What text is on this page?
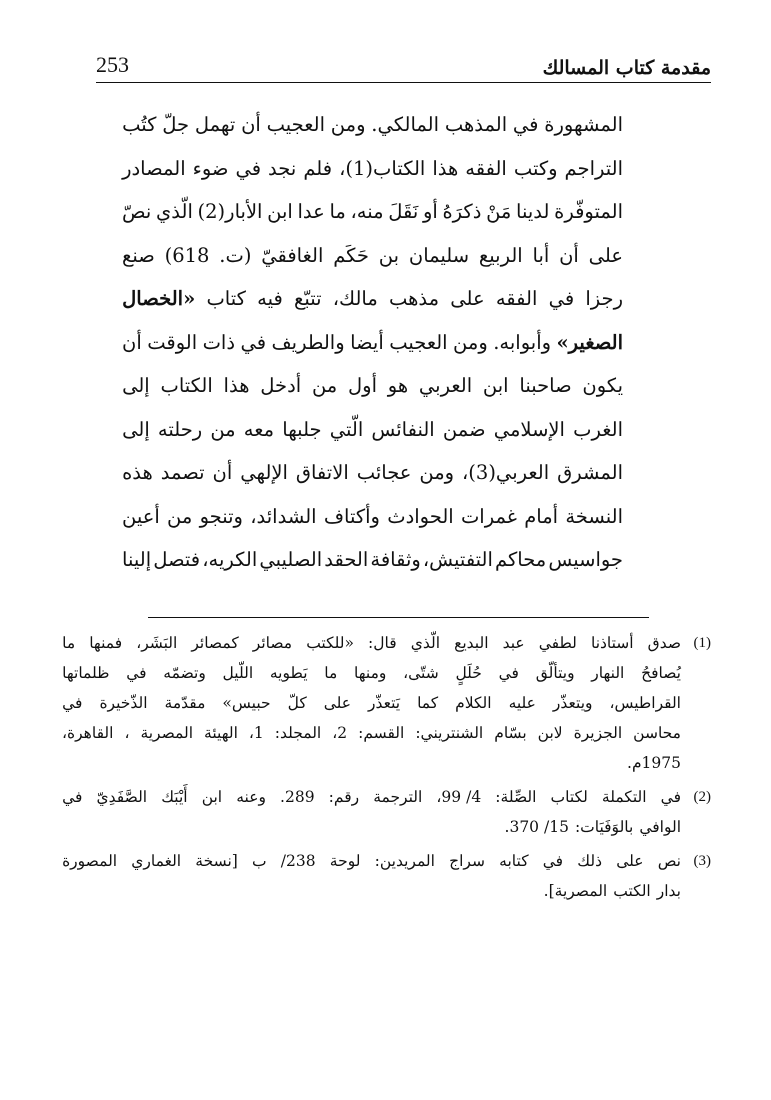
مقدمة كتاب المسالك
253
المشهورة
في
المذهب
المالكي.
ومن
العجيب
أن
تهمل
جلّ
كتُب
التراجم
وكتب
الفقه
هذا
الكتاب(1)،
فلم
نجد
في
ضوء
المصادر
المتوفّرة
لدينا
مَنْ
ذكرَهُ
أو
نَقَلَ
منه،
ما
عدا
ابن
الأبار(2)
الّذي
نصّ
على
أن
أبا
الربيع
سليمان
بن
حَكَم
الغافقيّ
(ت.
618)
صنع
رجزا
في
الفقه
على
مذهب
مالك،
تتبّع
فيه
كتاب
«الخصال
الصغير»
وأبوابه.
ومن
العجيب
أيضا
والطريف
في
ذات
الوقت
أن
يكون
صاحبنا
ابن
العربي
هو
أول
من
أدخل
هذا
الكتاب
إلى
الغرب
الإسلامي
ضمن
النفائس
الّتي
جلبها
معه
من
رحلته
إلى
المشرق
العربي(3)،
ومن
عجائب
الاتفاق
الإلهي
أن
تصمد
هذه
النسخة
أمام
غمرات
الحوادث
وأكتاف
الشدائد،
وتنجو
من
أعين
جواسيس
محاكم
التفتيش،
وثقافة
الحقد
الصليبي
الكريه،
فتصل
إلينا
(1)
صدق
أستاذنا
لطفي
عبد
البديع
الّذي
قال:
«للكتب
مصائر
كمصائر
البَشَر،
فمنها
ما
يُصافحُ
النهار
ويتألّق
في
حُلَلٍ
شتّى،
ومنها
ما
يَطويه
اللّيل
وتضمّه
في
ظلماتها
القراطيس،
ويتعذّر
عليه
الكلام
كما
يَتعذّر
على
كلّ
حبيس»
مقدّمة
الذّخيرة
في
محاسن
الجزيرة
لابن
بسّام
الشنتريني:
القسم:
2،
المجلد:
1،
الهيئة
المصرية
،
القاهرة،
1975م.
(2)
في
التكملة
لكتاب
الصِّلة:
4/ 99،
الترجمة
رقم:
289.
وعنه
ابن
أَيْبَك
الصَّفَدِيّ
في
الوافي
بالوَفَيَات:
15/ 370.
(3)
نص
على
ذلك
في
كتابه
سراج
المريدين:
لوحة
238/
ب
[نسخة
الغماري
المصورة
بدار
الكتب
المصرية].
